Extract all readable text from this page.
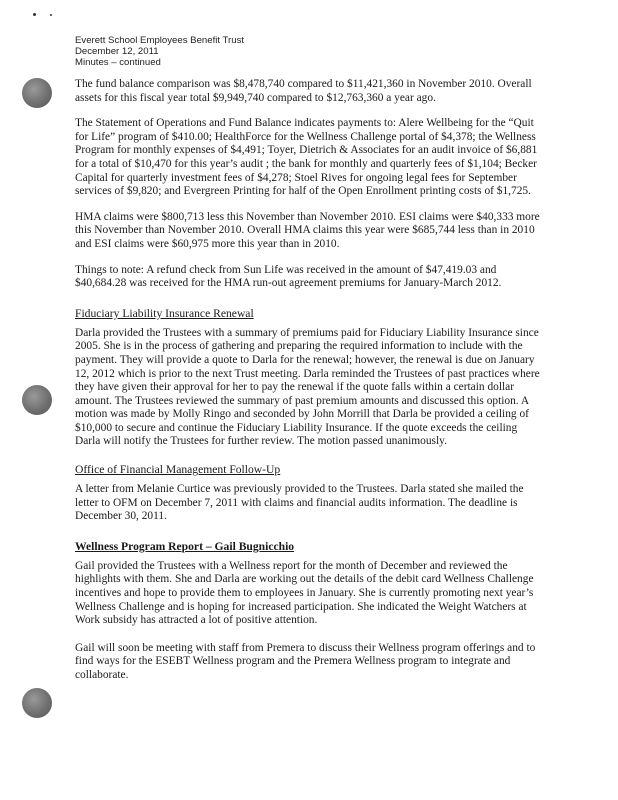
Everett School Employees Benefit Trust
December 12, 2011
Minutes – continued

The fund balance comparison was $8,478,740 compared to $11,421,360 in November 2010. Overall assets for this fiscal year total $9,949,740 compared to $12,763,360 a year ago.

The Statement of Operations and Fund Balance indicates payments to: Alere Wellbeing for the “Quit for Life” program of $410.00; HealthForce for the Wellness Challenge portal of $4,378; the Wellness Program for monthly expenses of $4,491; Toyer, Dietrich & Associates for an audit invoice of $6,881 for a total of $10,470 for this year’s audit ; the bank for monthly and quarterly fees of $1,104; Becker Capital for quarterly investment fees of $4,278; Stoel Rives for ongoing legal fees for September services of $9,820; and Evergreen Printing for half of the Open Enrollment printing costs of $1,725.

HMA claims were $800,713 less this November than November 2010. ESI claims were $40,333 more this November than November 2010. Overall HMA claims this year were $685,744 less than in 2010 and ESI claims were $60,975 more this year than in 2010.

Things to note: A refund check from Sun Life was received in the amount of $47,419.03 and $40,684.28 was received for the HMA run-out agreement premiums for January-March 2012.

Fiduciary Liability Insurance Renewal

Darla provided the Trustees with a summary of premiums paid for Fiduciary Liability Insurance since 2005. She is in the process of gathering and preparing the required information to include with the payment. They will provide a quote to Darla for the renewal; however, the renewal is due on January 12, 2012 which is prior to the next Trust meeting. Darla reminded the Trustees of past practices where they have given their approval for her to pay the renewal if the quote falls within a certain dollar amount. The Trustees reviewed the summary of past premium amounts and discussed this option. A motion was made by Molly Ringo and seconded by John Morrill that Darla be provided a ceiling of $10,000 to secure and continue the Fiduciary Liability Insurance. If the quote exceeds the ceiling Darla will notify the Trustees for further review. The motion passed unanimously.

Office of Financial Management Follow-Up

A letter from Melanie Curtice was previously provided to the Trustees. Darla stated she mailed the letter to OFM on December 7, 2011 with claims and financial audits information. The deadline is December 30, 2011.

Wellness Program Report – Gail Bugnicchio

Gail provided the Trustees with a Wellness report for the month of December and reviewed the highlights with them. She and Darla are working out the details of the debit card Wellness Challenge incentives and hope to provide them to employees in January. She is currently promoting next year’s Wellness Challenge and is hoping for increased participation. She indicated the Weight Watchers at Work subsidy has attracted a lot of positive attention.

Gail will soon be meeting with staff from Premera to discuss their Wellness program offerings and to find ways for the ESEBT Wellness program and the Premera Wellness program to integrate and collaborate.
